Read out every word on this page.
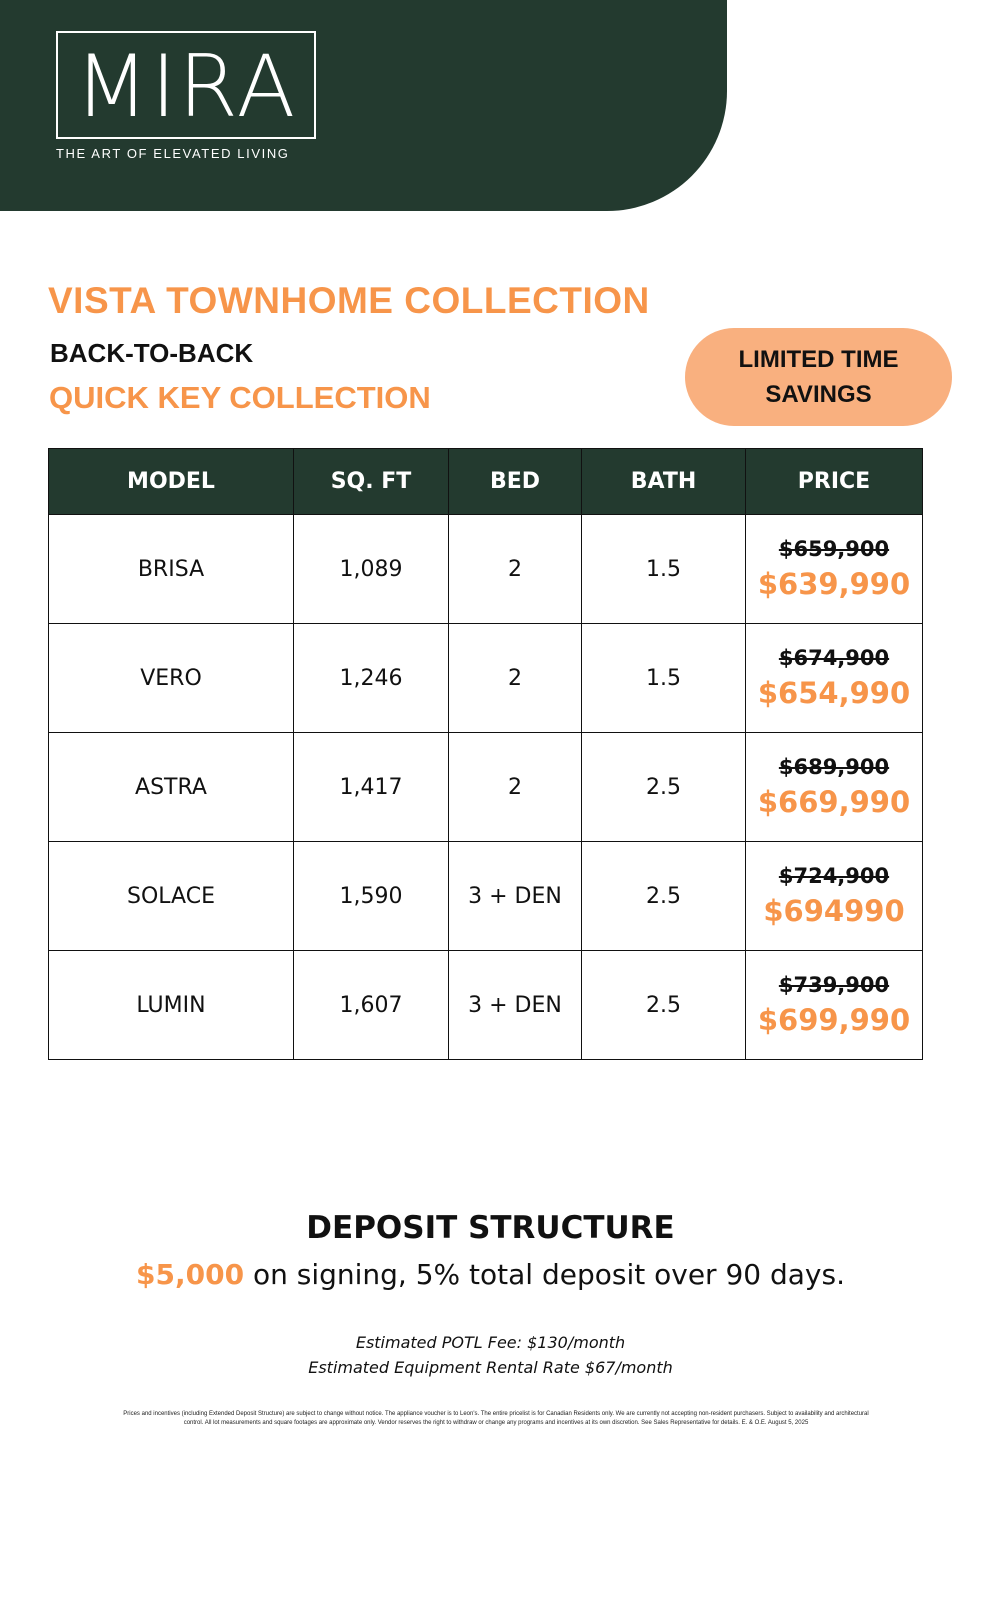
MIRA
THE ART OF ELEVATED LIVING
VISTA TOWNHOME COLLECTION
BACK-TO-BACK
QUICK KEY COLLECTION
LIMITED TIME
SAVINGS
MODEL	SQ. FT	BED	BATH	PRICE
BRISA	1,089	2	1.5	$659,900
$639,990

VERO	1,246	2	1.5	$674,900
$654,990

ASTRA	1,417	2	2.5	$689,900
$669,990

SOLACE	1,590	3 + DEN	2.5	$724,900
$694990

LUMIN	1,607	3 + DEN	2.5	$739,900
$699,990
DEPOSIT STRUCTURE
$5,000 on signing, 5% total deposit over 90 days.
Estimated POTL Fee: $130/month
Estimated Equipment Rental Rate $67/month
Prices and incentives (including Extended Deposit Structure) are subject to change without notice. The appliance voucher is to Leon's. The entire pricelist is for Canadian Residents only. We are currently not accepting non-resident purchasers. Subject to availability and architectural
control. All lot measurements and square footages are approximate only. Vendor reserves the right to withdraw or change any programs and incentives at its own discretion. See Sales Representative for details. E. & O.E. August 5, 2025
